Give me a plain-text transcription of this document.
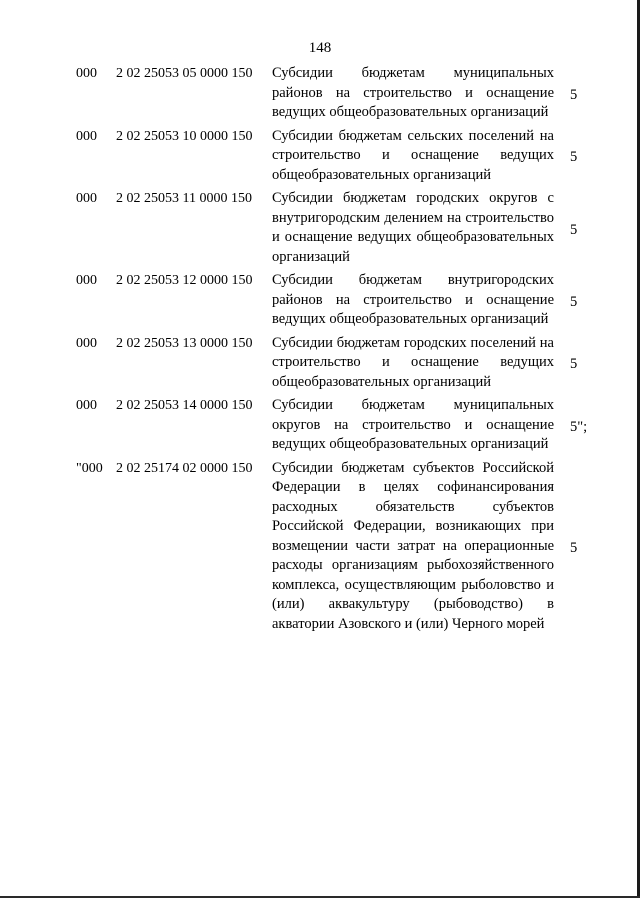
148
000 2 02 25053 05 0000 150 Субсидии бюджетам муниципальных районов на строительство и оснащение ведущих общеобразовательных организаций
5
000 2 02 25053 10 0000 150 Субсидии бюджетам сельских поселений на строительство и оснащение ведущих общеобразовательных организаций
5
000 2 02 25053 11 0000 150 Субсидии бюджетам городских округов с внутригородским делением на строительство и оснащение ведущих общеобразовательных организаций
5
000 2 02 25053 12 0000 150 Субсидии бюджетам внутригородских районов на строительство и оснащение ведущих общеобразовательных организаций
5
000 2 02 25053 13 0000 150 Субсидии бюджетам городских поселений на строительство и оснащение ведущих общеобразовательных организаций
5
000 2 02 25053 14 0000 150 Субсидии бюджетам муниципальных округов на строительство и оснащение ведущих общеобразовательных организаций
5";
"000 2 02 25174 02 0000 150 Субсидии бюджетам субъектов Российской Федерации в целях софинансирования расходных обязательств субъектов Российской Федерации, возникающих при возмещении части затрат на операционные расходы организациям рыбохозяйственного комплекса, осуществляющим рыболовство и (или) аквакультуру (рыбоводство) в акватории Азовского и (или) Черного морей
5
